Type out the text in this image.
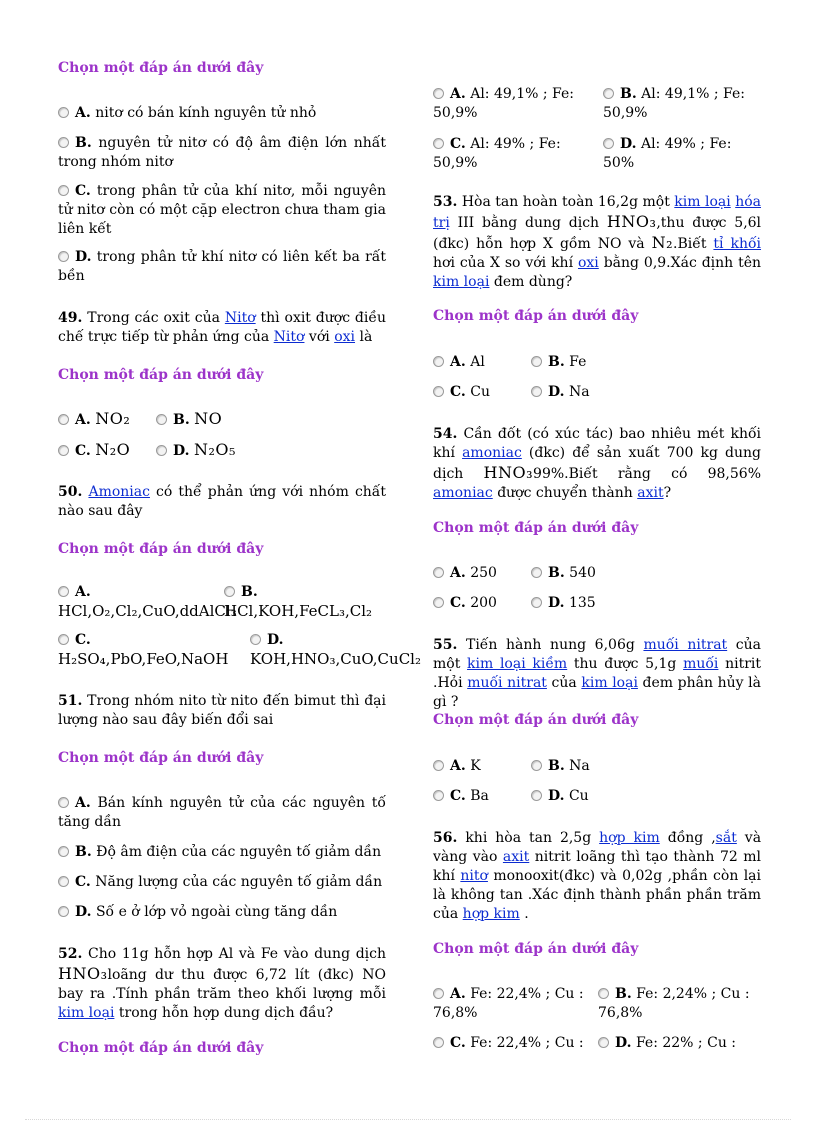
Chọn một đáp án dưới đây
A. nitơ có bán kính nguyên tử nhỏ
B. nguyên tử nitơ có độ âm điện lớn nhất trong nhóm nitơ
C. trong phân tử của khí nitơ, mỗi nguyên tử nitơ còn có một cặp electron chưa tham gia liên kết
D. trong phân tử khí nitơ có liên kết ba rất bền
49. Trong các oxit của Nitơ thì oxit được điều chế trực tiếp từ phản ứng của Nitơ với oxi là
Chọn một đáp án dưới đây
A. NO₂	B. NO
C. N₂O	D. N₂O₅
50. Amoniac có thể phản ứng với nhóm chất nào sau đây
Chọn một đáp án dưới đây
A.
HCl,O₂,Cl₂,CuO,ddAlCl₃
B.
HCl,KOH,FeCL₃,Cl₂
C.
H₂SO₄,PbO,FeO,NaOH
D.
KOH,HNO₃,CuO,CuCl₂
51. Trong nhóm nito từ nito đến bimut thì đại lượng nào sau đây biến đổi sai
Chọn một đáp án dưới đây
A. Bán kính nguyên tử của các nguyên tố tăng dần
B. Độ âm điện của các nguyên tố giảm dần
C. Năng lượng của các nguyên tố giảm dần
D. Số e ở lớp vỏ ngoài cùng tăng dần
52. Cho 11g hỗn hợp Al và Fe vào dung dịch HNO₃loãng dư thu được 6,72 lít (đkc) NO bay ra .Tính phần trăm theo khối lượng mỗi kim loại trong hỗn hợp dung dịch đầu?
Chọn một đáp án dưới đây
A. Al: 49,1% ; Fe: 50,9%
B. Al: 49,1% ; Fe: 50,9%
C. Al: 49% ; Fe: 50,9%
D. Al: 49% ; Fe: 50%
53. Hòa tan hoàn toàn 16,2g một kim loại hóa trị III bằng dung dịch HNO₃,thu được 5,6l (đkc) hỗn hợp X gồm NO và N₂.Biết tỉ khối hơi của X so với khí oxi bằng 0,9.Xác định tên kim loại đem dùng?
Chọn một đáp án dưới đây
A. Al	B. Fe
C. Cu	D. Na
54. Cần đốt (có xúc tác) bao nhiêu mét khối khí amoniac (đkc) để sản xuất 700 kg dung dịch HNO₃99%.Biết rằng có 98,56% amoniac được chuyển thành axit?
Chọn một đáp án dưới đây
A. 250	B. 540
C. 200	D. 135
55. Tiến hành nung 6,06g muối nitrat của một kim loại kiềm thu được 5,1g muối nitrit .Hỏi muối nitrat của kim loại đem phân hủy là gì ?
Chọn một đáp án dưới đây
A. K	B. Na
C. Ba	D. Cu
56. khi hòa tan 2,5g hợp kim đồng ,sắt và vàng vào axit nitrit loãng thì tạo thành 72 ml khí nitơ monooxit(đkc) và 0,02g ,phần còn lại là không tan .Xác định thành phần phần trăm của hợp kim .
Chọn một đáp án dưới đây
A. Fe: 22,4% ; Cu : 76,8%
B. Fe: 2,24% ; Cu : 76,8%
C. Fe: 22,4% ; Cu :	D. Fe: 22% ; Cu :
